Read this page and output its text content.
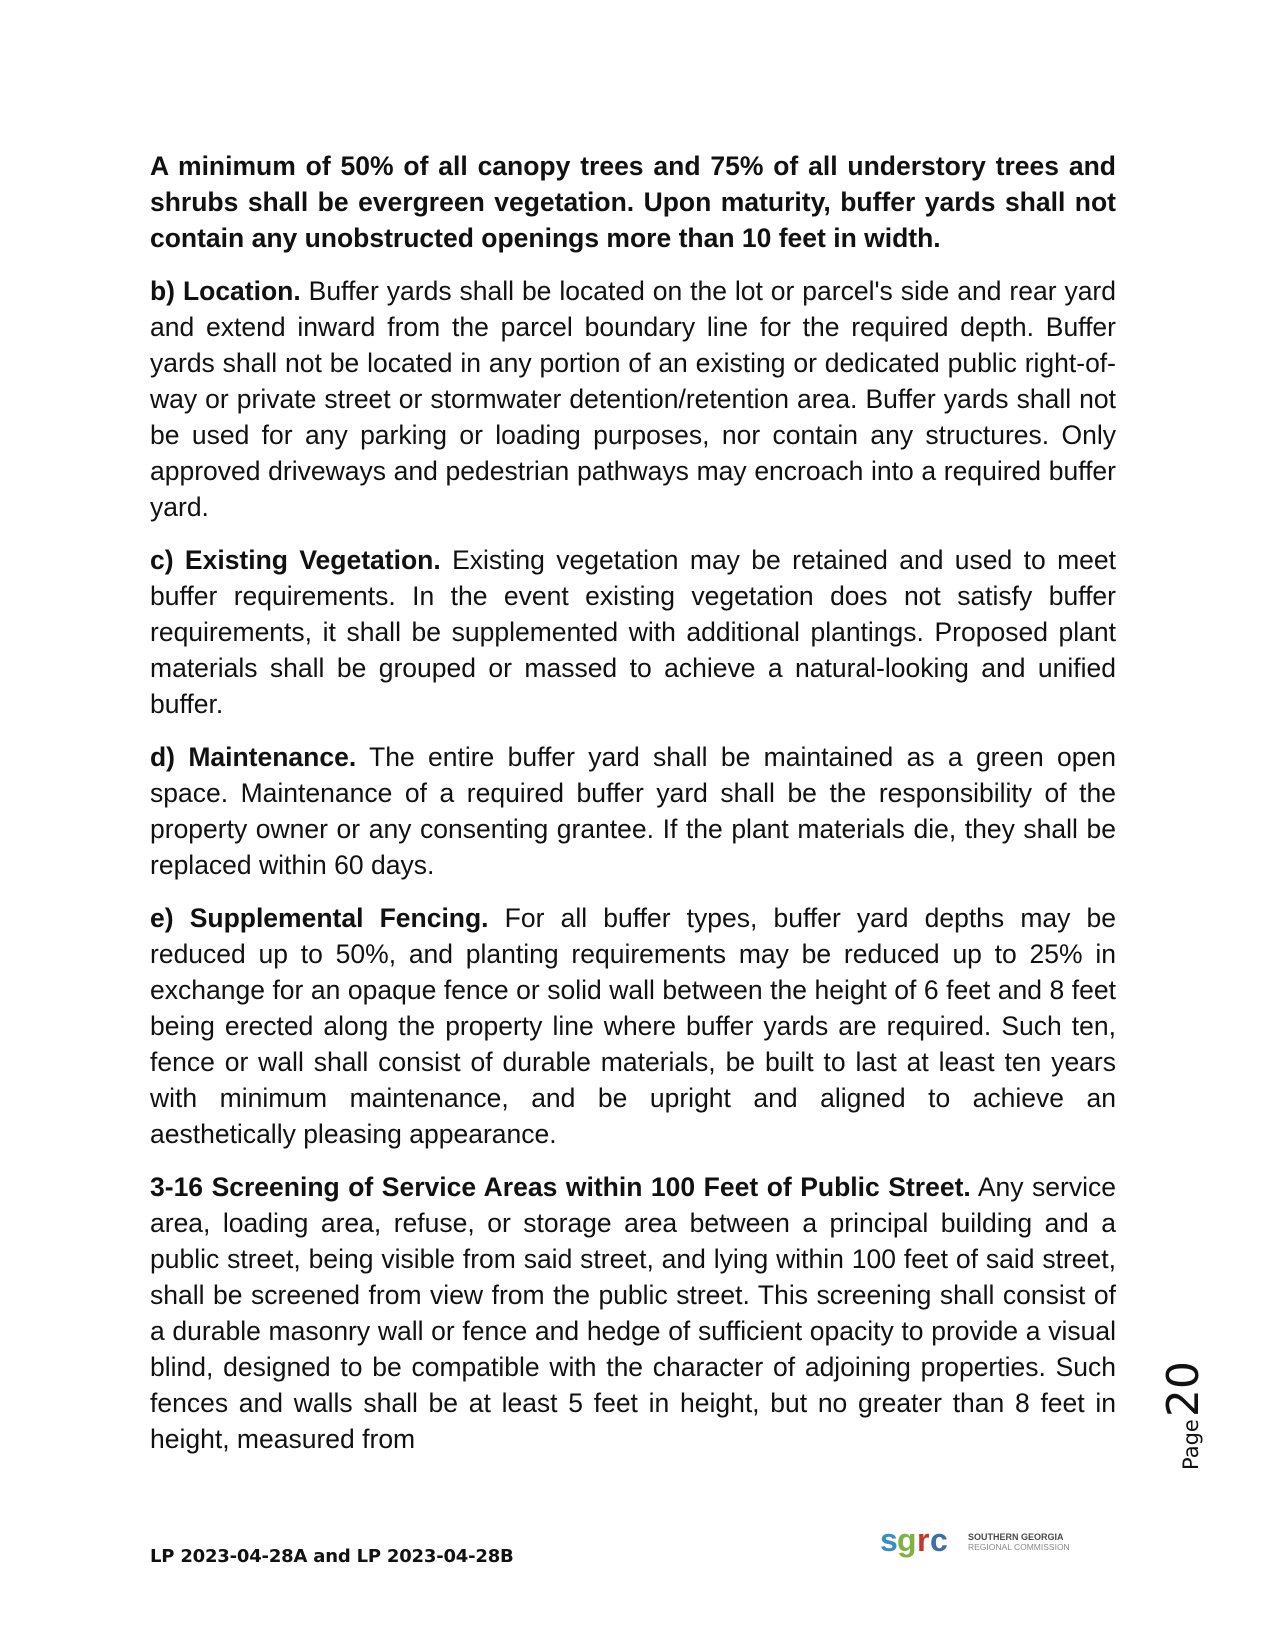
A minimum of 50% of all canopy trees and 75% of all understory trees and shrubs shall be evergreen vegetation. Upon maturity, buffer yards shall not contain any unobstructed openings more than 10 feet in width.

b) Location. Buffer yards shall be located on the lot or parcel's side and rear yard and extend inward from the parcel boundary line for the required depth. Buffer yards shall not be located in any portion of an existing or dedicated public right-of-way or private street or stormwater detention/retention area. Buffer yards shall not be used for any parking or loading purposes, nor contain any structures. Only approved driveways and pedestrian pathways may encroach into a required buffer yard.

c) Existing Vegetation. Existing vegetation may be retained and used to meet buffer requirements. In the event existing vegetation does not satisfy buffer requirements, it shall be supplemented with additional plantings. Proposed plant materials shall be grouped or massed to achieve a natural-looking and unified buffer.

d) Maintenance. The entire buffer yard shall be maintained as a green open space. Maintenance of a required buffer yard shall be the responsibility of the property owner or any consenting grantee. If the plant materials die, they shall be replaced within 60 days.

e) Supplemental Fencing. For all buffer types, buffer yard depths may be reduced up to 50%, and planting requirements may be reduced up to 25% in exchange for an opaque fence or solid wall between the height of 6 feet and 8 feet being erected along the property line where buffer yards are required. Such ten, fence or wall shall consist of durable materials, be built to last at least ten years with minimum maintenance, and be upright and aligned to achieve an aesthetically pleasing appearance.

3-16 Screening of Service Areas within 100 Feet of Public Street. Any service area, loading area, refuse, or storage area between a principal building and a public street, being visible from said street, and lying within 100 feet of said street, shall be screened from view from the public street. This screening shall consist of a durable masonry wall or fence and hedge of sufficient opacity to provide a visual blind, designed to be compatible with the character of adjoining properties. Such fences and walls shall be at least 5 feet in height, but no greater than 8 feet in height, measured from	Page20
LP 2023-04-28A and LP 2023-04-28B	s g r c SOUTHERN GEORGIA
REGIONAL COMMISSION
